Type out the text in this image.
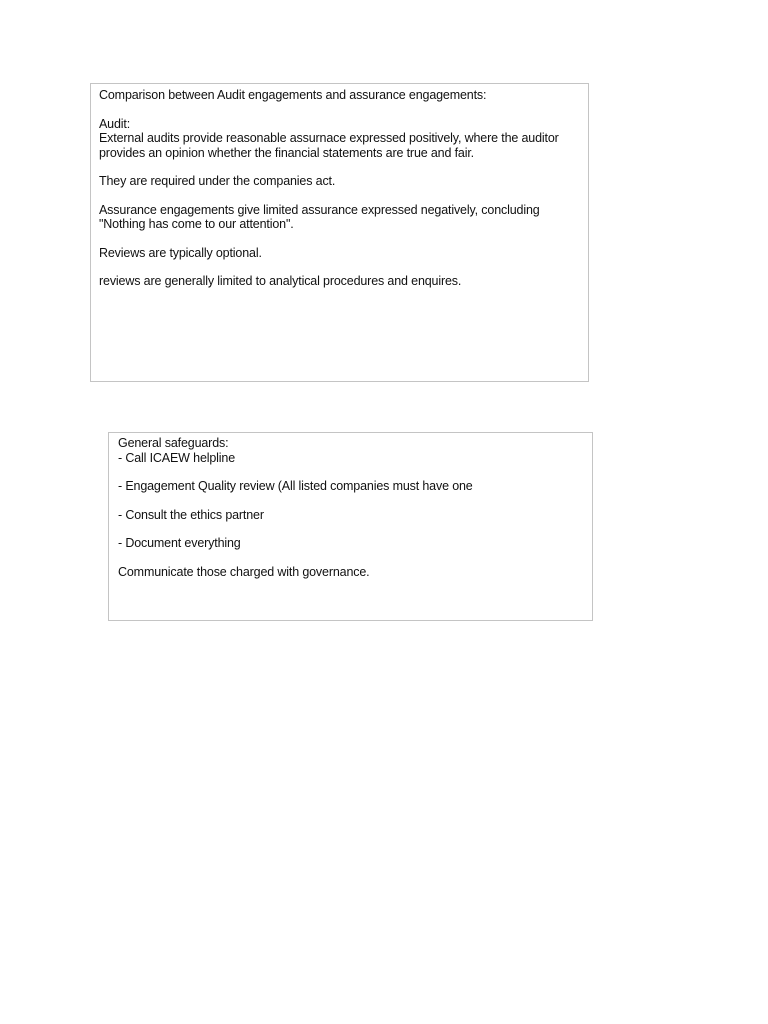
Comparison between Audit engagements and assurance engagements:
Audit:
External audits provide reasonable assurnace expressed positively, where the auditor
provides an opinion whether the financial statements are true and fair.
They are required under the companies act.
Assurance engagements give limited assurance expressed negatively, concluding
"Nothing has come to our attention".
Reviews are typically optional.
reviews are generally limited to analytical procedures and enquires.
General safeguards:
- Call ICAEW helpline
- Engagement Quality review (All listed companies must have one
- Consult the ethics partner
- Document everything
Communicate those charged with governance.
